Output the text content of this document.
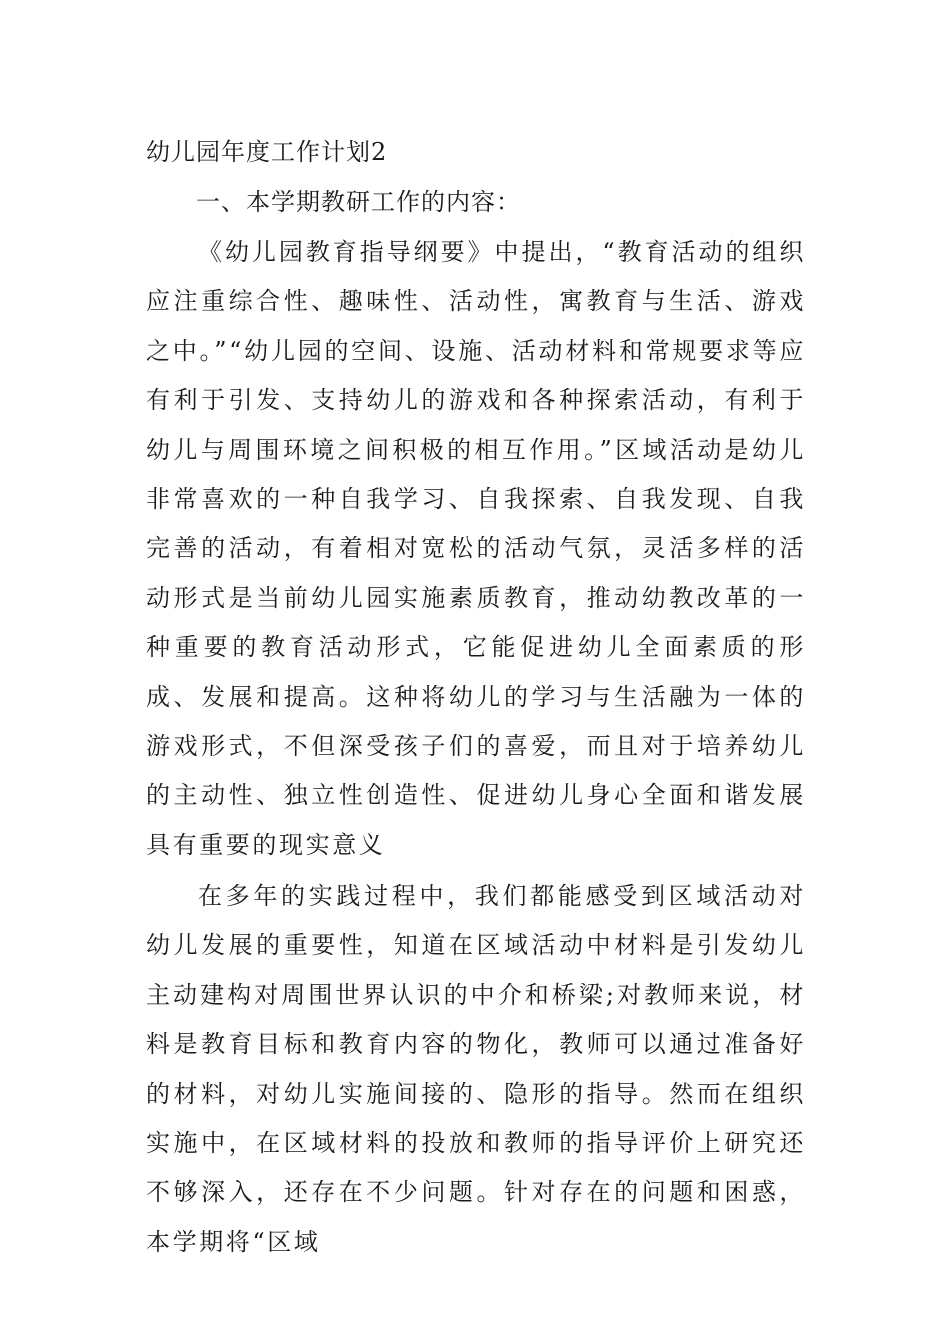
幼儿园年度工作计划2
一、本学期教研工作的内容：

《幼儿园教育指导纲要》中提出，“教育活动的组织应注重综合性、趣味性、活动性，寓教育与生活、游戏之中。”“幼儿园的空间、设施、活动材料和常规要求等应有利于引发、支持幼儿的游戏和各种探索活动，有利于幼儿与周围环境之间积极的相互作用。”区域活动是幼儿非常喜欢的一种自我学习、自我探索、自我发现、自我完善的活动，有着相对宽松的活动气氛，灵活多样的活动形式是当前幼儿园实施素质教育，推动幼教改革的一种重要的教育活动形式，它能促进幼儿全面素质的形成、发展和提高。这种将幼儿的学习与生活融为一体的游戏形式，不但深受孩子们的喜爱，而且对于培养幼儿的主动性、独立性创造性、促进幼儿身心全面和谐发展具有重要的现实意义

在多年的实践过程中，我们都能感受到区域活动对幼儿发展的重要性，知道在区域活动中材料是引发幼儿主动建构对周围世界认识的中介和桥梁;对教师来说，材料是教育目标和教育内容的物化，教师可以通过准备好的材料，对幼儿实施间接的、隐形的指导。然而在组织实施中，在区域材料的投放和教师的指导评价上研究还不够深入，还存在不少问题。针对存在的问题和困惑，本学期将“区域
